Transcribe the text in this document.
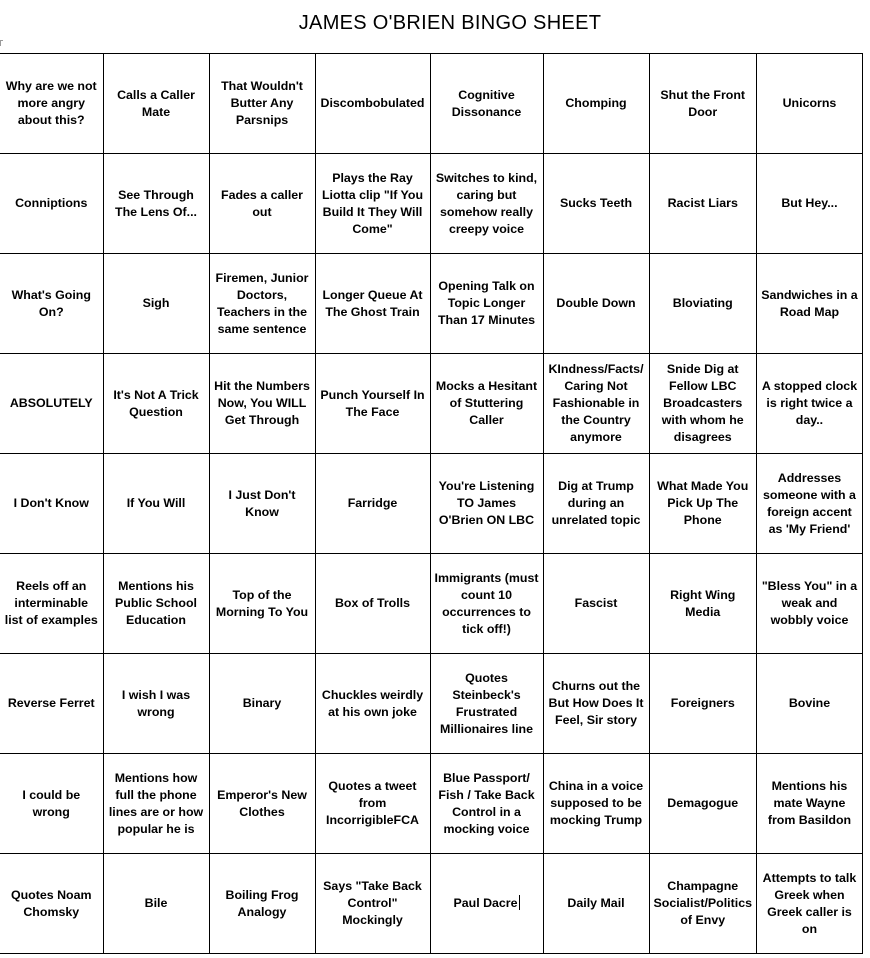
JAMES O'BRIEN BINGO SHEET
Why are we not more angry about this?	Calls a Caller Mate	That Wouldn't Butter Any Parsnips	Discombobulated	Cognitive Dissonance	Chomping	Shut the Front Door	Unicorns
Conniptions	See Through The Lens Of...	Fades a caller out	Plays the Ray Liotta clip "If You Build It They Will Come"	Switches to kind, caring but somehow really creepy voice	Sucks Teeth	Racist Liars	But Hey...
What's Going On?	Sigh	Firemen, Junior Doctors, Teachers in the same sentence	Longer Queue At The Ghost Train	Opening Talk on Topic Longer Than 17 Minutes	Double Down	Bloviating	Sandwiches in a Road Map
ABSOLUTELY	It's Not A Trick Question	Hit the Numbers Now, You WILL Get Through	Punch Yourself In The Face	Mocks a Hesitant of Stuttering Caller	KIndness/Facts/ Caring Not Fashionable in the Country anymore	Snide Dig at Fellow LBC Broadcasters with whom he disagrees	A stopped clock is right twice a day..
I Don't Know	If You Will	I Just Don't Know	Farridge	You're Listening TO James O'Brien ON LBC	Dig at Trump during an unrelated topic	What Made You Pick Up The Phone	Addresses someone with a foreign accent as 'My Friend'
Reels off an interminable list of examples	Mentions his Public School Education	Top of the Morning To You	Box of Trolls	Immigrants (must count 10 occurrences to tick off!)	Fascist	Right Wing Media	"Bless You" in a weak and wobbly voice
Reverse Ferret	I wish I was wrong	Binary	Chuckles weirdly at his own joke	Quotes Steinbeck's Frustrated Millionaires line	Churns out the But How Does It Feel, Sir story	Foreigners	Bovine
I could be wrong	Mentions how full the phone lines are or how popular he is	Emperor's New Clothes	Quotes a tweet from IncorrigibleFCA	Blue Passport/ Fish / Take Back Control in a mocking voice	China in a voice supposed to be mocking Trump	Demagogue	Mentions his mate Wayne from Basildon
Quotes Noam Chomsky	Bile	Boiling Frog Analogy	Says "Take Back Control" Mockingly	Paul Dacre	Daily Mail	Champagne Socialist/Politics of Envy	Attempts to talk Greek when Greek caller is on
